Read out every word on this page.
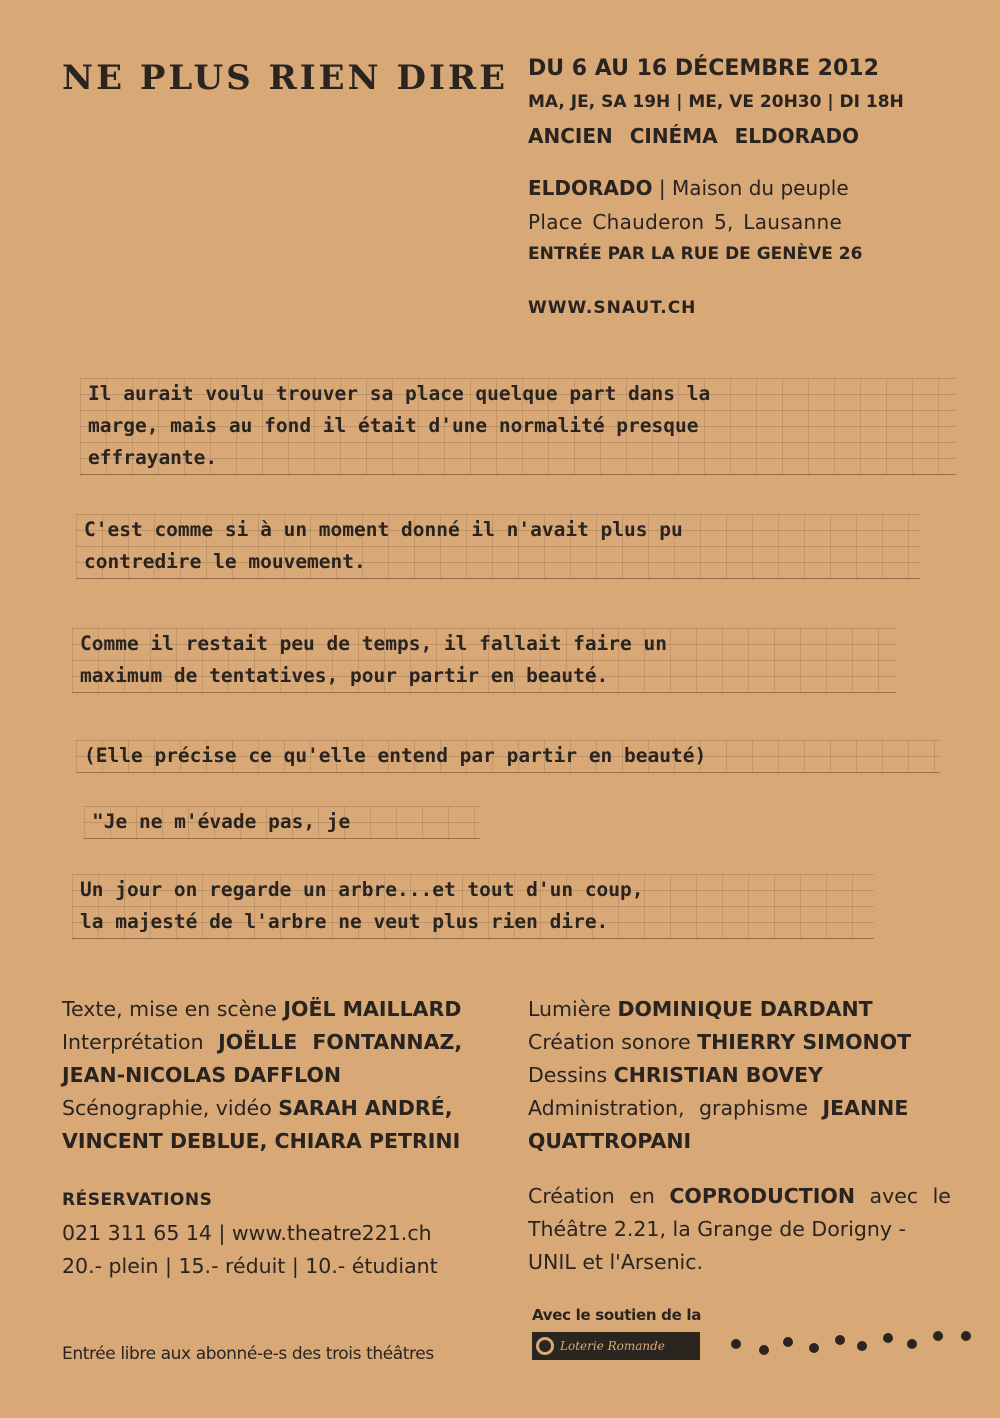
NE PLUS RIEN DIRE DU 6 AU 16 DÉCEMBRE 2012

MA, JE, SA 19H | ME, VE 20H30 | DI 18H

ANCIEN CINÉMA ELDORADO

ELDORADO | Maison du peuple

Place Chauderon 5, Lausanne

ENTRÉE PAR LA RUE DE GENÈVE 26

WWW.SNAUT.CH

Il aurait voulu trouver sa place quelque part dans la
marge, mais au fond il était d'une normalité presque
effrayante.
C'est comme si à un moment donné il n'avait plus pu
contredire le mouvement.
Comme il restait peu de temps, il fallait faire un
maximum de tentatives, pour partir en beauté.
(Elle précise ce qu'elle entend par partir en beauté)
"Je ne m'évade pas, je
Un jour on regarde un arbre...et tout d'un coup,
la majesté de l'arbre ne veut plus rien dire.

Texte, mise en scène JOËL MAILLARD

Interprétation JOËLLE FONTANNAZ,

JEAN-NICOLAS DAFFLON

Scénographie, vidéo SARAH ANDRÉ,

VINCENT DEBLUE, CHIARA PETRINI

Lumière DOMINIQUE DARDANT

Création sonore THIERRY SIMONOT

Dessins CHRISTIAN BOVEY

Administration, graphisme JEANNE

QUATTROPANI

RÉSERVATIONS

021 311 65 14 | www.theatre221.ch

20.- plein | 15.- réduit | 10.- étudiant

Création en COPRODUCTION avec le

Théâtre 2.21, la Grange de Dorigny -

UNIL et l'Arsenic.

Entrée libre aux abonné-e-s des trois théâtres
Avec le soutien de la
Loterie Romande
